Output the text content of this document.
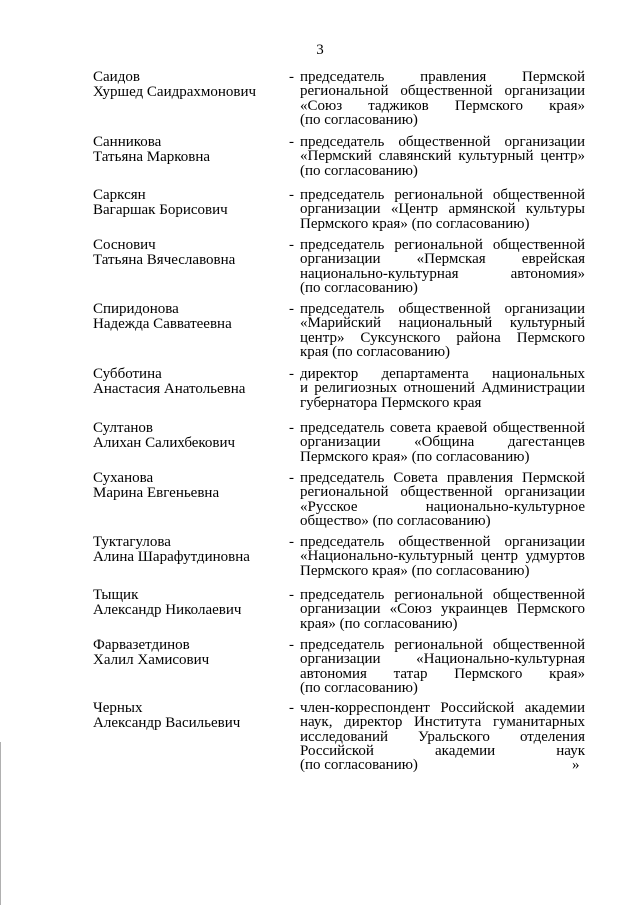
3
Саидов
Хуршед Саидрахмонович
- председатель правления Пермской
региональной общественной организации
«Союз таджиков Пермского края»
(по согласованию)
Санникова
Татьяна Марковна
- председатель общественной организации
«Пермский славянский культурный центр»
(по согласованию)
Сарксян
Вагаршак Борисович
- председатель региональной общественной
организации «Центр армянской культуры
Пермского края» (по согласованию)
Соснович
Татьяна Вячеславовна
- председатель региональной общественной
организации «Пермская еврейская
национально-культурная автономия»
(по согласованию)
Спиридонова
Надежда Савватеевна
- председатель общественной организации
«Марийский национальный культурный
центр» Суксунского района Пермского
края (по согласованию)
Субботина
Анастасия Анатольевна
- директор департамента национальных
и религиозных отношений Администрации
губернатора Пермского края
Султанов
Алихан Салихбекович
- председатель совета краевой общественной
организации «Община дагестанцев
Пермского края» (по согласованию)
Суханова
Марина Евгеньевна
- председатель Совета правления Пермской
региональной общественной организации
«Русское национально-культурное
общество» (по согласованию)
Туктагулова
Алина Шарафутдиновна
- председатель общественной организации
«Национально-культурный центр удмуртов
Пермского края» (по согласованию)
Тыщик
Александр Николаевич
- председатель региональной общественной
организации «Союз украинцев Пермского
края» (по согласованию)
Фарвазетдинов
Халил Хамисович
- председатель региональной общественной
организации «Национально-культурная
автономия татар Пермского края»
(по согласованию)
Черных
Александр Васильевич
- член-корреспондент Российской академии
наук, директор Института гуманитарных
исследований Уральского отделения
Российской академии наук
(по согласованию)	»
